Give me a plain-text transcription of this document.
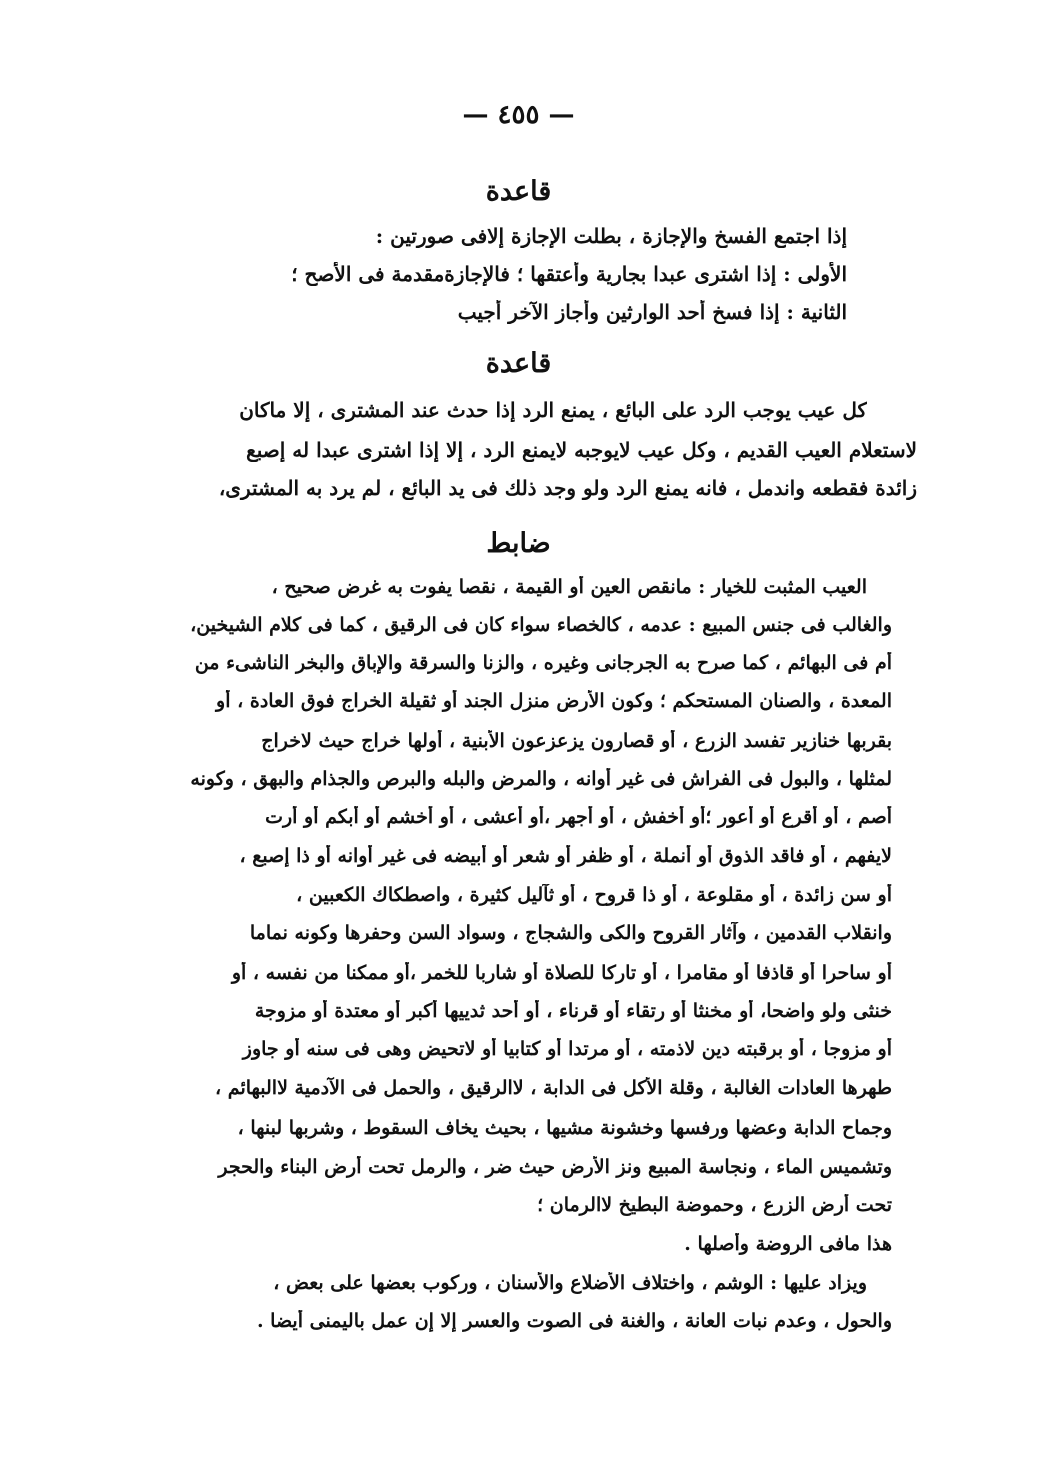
— ٤٥٥ —
قاعدة
إذا اجتمع الفسخ والإجازة ، بطلت الإجازة إلافى صورتين :
الأولى : إذا اشترى عبدا بجارية وأعتقها ؛ فالإجازةمقدمة فى الأصح ؛
الثانية : إذا فسخ أحد الوارثين وأجاز الآخر أجيب
قاعدة
كل عيب يوجب الرد على البائع ، يمنع الرد إذا حدث عند المشترى ، إلا ماكان
لاستعلام العيب القديم ، وكل عيب لايوجبه لايمنع الرد ، إلا إذا اشترى عبدا له إصبع
زائدة فقطعه واندمل ، فانه يمنع الرد ولو وجد ذلك فى يد البائع ، لم يرد به المشترى،
ضابط
العيب المثبت للخيار : مانقص العين أو القيمة ، نقصا يفوت به غرض صحيح ،
والغالب فى جنس المبيع : عدمه ، كالخصاء سواء كان فى الرقيق ، كما فى كلام الشيخين،
أم فى البهائم ، كما صرح به الجرجانى وغيره ، والزنا والسرقة والإباق والبخر الناشىء من
المعدة ، والصنان المستحكم ؛ وكون الأرض منزل الجند أو ثقيلة الخراج فوق العادة ، أو
بقربها خنازير تفسد الزرع ، أو قصارون يزعزعون الأبنية ، أولها خراج حيث لاخراج
لمثلها ، والبول فى الفراش فى غير أوانه ، والمرض والبله والبرص والجذام والبهق ، وكونه
أصم ، أو أقرع أو أعور ؛أو أخفش ، أو أجهر ،أو أعشى ، أو أخشم أو أبكم أو أرت
لايفهم ، أو فاقد الذوق أو أنملة ، أو ظفر أو شعر أو أبيضه فى غير أوانه أو ذا إصبع ،
أو سن زائدة ، أو مقلوعة ، أو ذا قروح ، أو ثآليل كثيرة ، واصطكاك الكعبين ،
وانقلاب القدمين ، وآثار القروح والكى والشجاج ، وسواد السن وحفرها وكونه نماما
أو ساحرا أو قاذفا أو مقامرا ، أو تاركا للصلاة أو شاربا للخمر ،أو ممكنا من نفسه ، أو
خنثى ولو واضحا، أو مخنثا أو رتقاء أو قرناء ، أو أحد ثدييها أكبر أو معتدة أو مزوجة
أو مزوجا ، أو برقبته دين لاذمته ، أو مرتدا أو كتابيا أو لاتحيض وهى فى سنه أو جاوز
طهرها العادات الغالبة ، وقلة الأكل فى الدابة ، لاالرقيق ، والحمل فى الآدمية لاالبهائم ،
وجماح الدابة وعضها ورفسها وخشونة مشيها ، بحيث يخاف السقوط ، وشربها لبنها ،
وتشميس الماء ، ونجاسة المبيع ونز الأرض حيث ضر ، والرمل تحت أرض البناء والحجر
تحت أرض الزرع ، وحموضة البطيخ لاالرمان ؛
هذا مافى الروضة وأصلها .
ويزاد عليها : الوشم ، واختلاف الأضلاع والأسنان ، وركوب بعضها على بعض ،
والحول ، وعدم نبات العانة ، والغنة فى الصوت والعسر إلا إن عمل باليمنى أيضا .
